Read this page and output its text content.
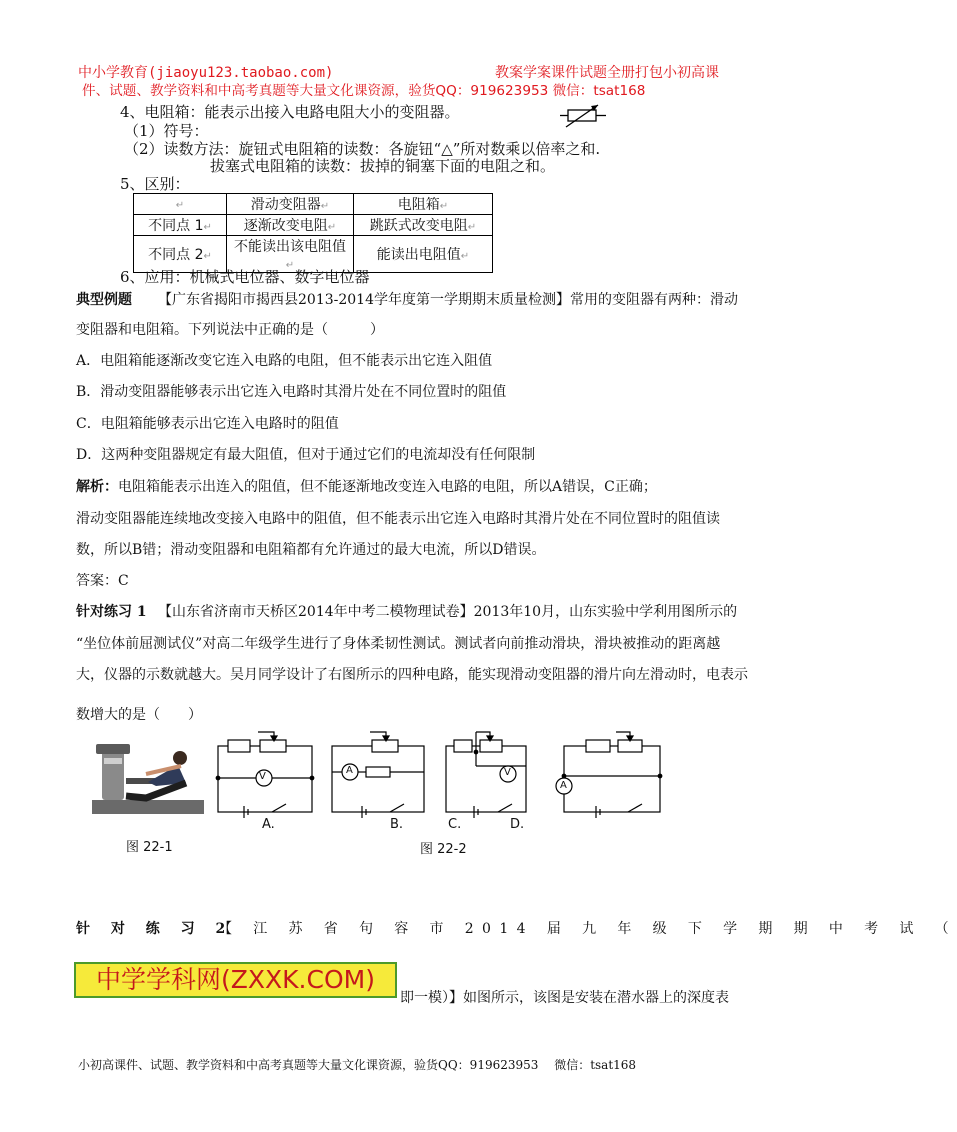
中小学教育(jiaoyu123.taobao.com)	教案学案课件试题全册打包小初高课
件、试题、教学资料和中高考真题等大量文化课资源，验货QQ：919623953 微信：tsat168
4、电阻箱：能表示出接入电路电阻大小的变阻器。
（1）符号：
（2）读数方法：旋钮式电阻箱的读数：各旋钮“△”所对数乘以倍率之和.
拔塞式电阻箱的读数：拔掉的铜塞下面的电阻之和。
5、区别：
↵	滑动变阻器↵	电阻箱↵
不同点 1↵	逐渐改变电阻↵	跳跃式改变电阻↵
不同点 2↵	不能读出该电阻值↵	能读出电阻值↵
6、应用：机械式电位器、数字电位器
典型例题 【广东省揭阳市揭西县2013-2014学年度第一学期期末质量检测】常用的变阻器有两种：滑动
变阻器和电阻箱。下列说法中正确的是（　　　）
A．电阻箱能逐渐改变它连入电路的电阻，但不能表示出它连入阻值
B．滑动变阻器能够表示出它连入电路时其滑片处在不同位置时的阻值
C．电阻箱能够表示出它连入电路时的阻值
D．这两种变阻器规定有最大阻值，但对于通过它们的电流却没有任何限制
解析： 电阻箱能表示出连入的阻值，但不能逐渐地改变连入电路的电阻，所以A错误，C正确；
滑动变阻器能连续地改变接入电路中的阻值，但不能表示出它连入电路时其滑片处在不同位置时的阻值读
数，所以B错；滑动变阻器和电阻箱都有允许通过的最大电流，所以D错误。
答案：C
针对练习 1 【山东省济南市天桥区2014年中考二模物理试卷】2013年10月，山东实验中学利用图所示的
“坐位体前屈测试仪”对高二年级学生进行了身体柔韧性测试。测试者向前推动滑块，滑块被推动的距离越
大，仪器的示数就越大。吴月同学设计了右图所示的四种电路，能实现滑动变阻器的滑片向左滑动时，电表示
数增大的是（　　）
图 22-1
V
A	V
A
A.	B.	C.	D.
图 22-2
针 对 练 习 2
【 江 苏 省 句 容 市 2014 届 九 年 级 下 学 期 期 中 考 试 （
中学学科网(ZXXK.COM)
即一模）】如图所示，该图是安装在潜水器上的深度表
小初高课件、试题、教学资料和中高考真题等大量文化课资源，验货QQ：919623953　 微信：tsat168
